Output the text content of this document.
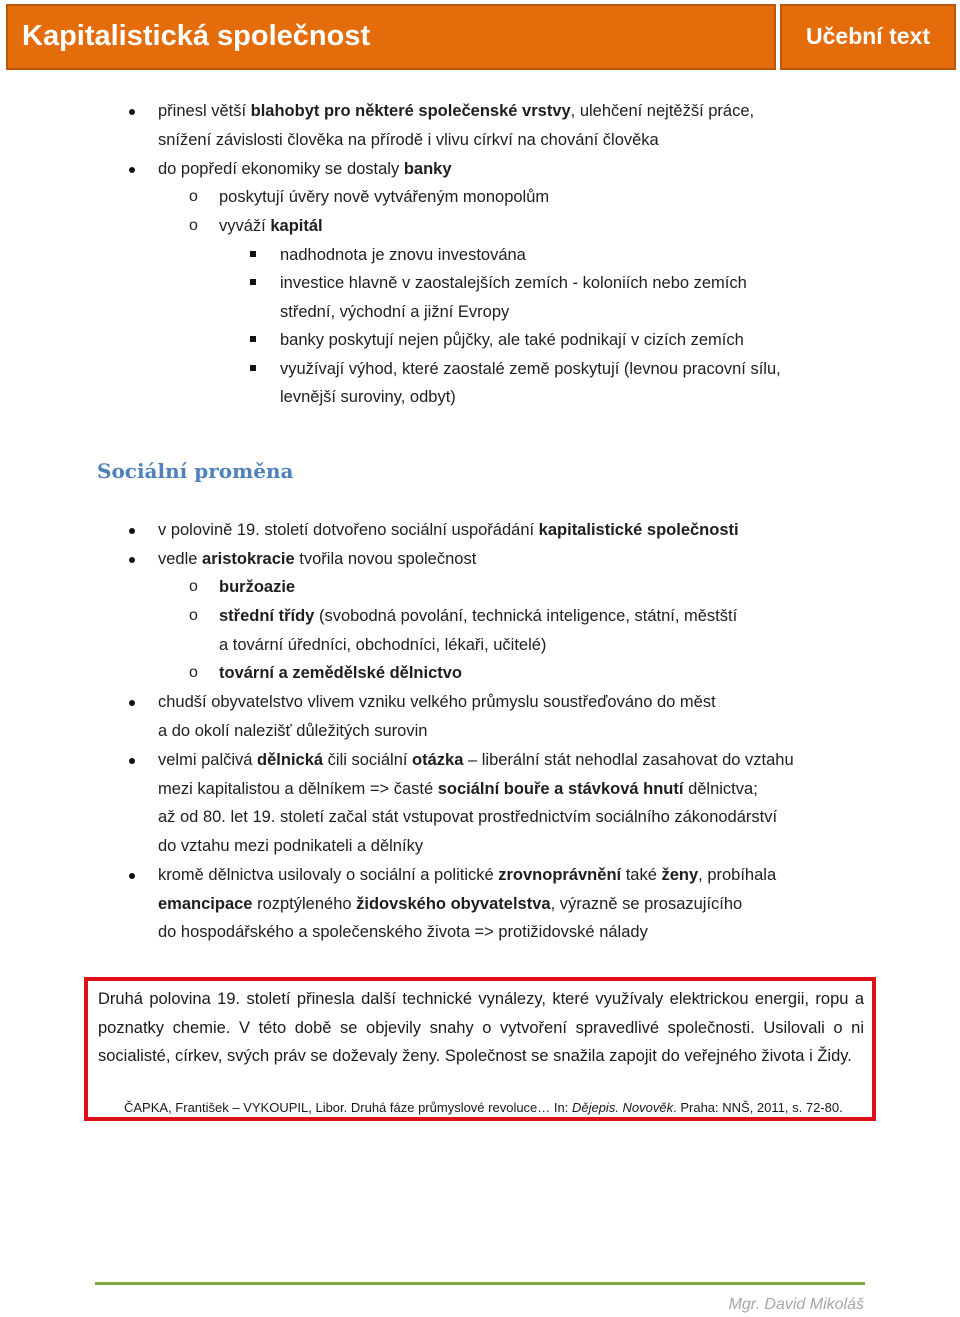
Kapitalistická společnost	Učební text
přinesl větší blahobyt pro některé společenské vrstvy, ulehčení nejtěžší práce,
snížení závislosti člověka na přírodě i vlivu církví na chování člověka
do popředí ekonomiky se dostaly banky
o poskytují úvěry nově vytvářeným monopolům
o vyváží kapitál
nadhodnota je znovu investována
investice hlavně v zaostalejších zemích - koloniích nebo zemích
střední, východní a jižní Evropy
banky poskytují nejen půjčky, ale také podnikají v cizích zemích
využívají výhod, které zaostalé země poskytují (levnou pracovní sílu,
levnější suroviny, odbyt)
Sociální proměna
v polovině 19. století dotvořeno sociální uspořádání kapitalistické společnosti
vedle aristokracie tvořila novou společnost
o buržoazie
o střední třídy (svobodná povolání, technická inteligence, státní, městští
a tovární úředníci, obchodníci, lékaři, učitelé)
o tovární a zemědělské dělnictvo
chudší obyvatelstvo vlivem vzniku velkého průmyslu soustřeďováno do měst
a do okolí nalezišť důležitých surovin
velmi palčivá dělnická čili sociální otázka – liberální stát nehodlal zasahovat do vztahu
mezi kapitalistou a dělníkem => časté sociální bouře a stávková hnutí dělnictva;
až od 80. let 19. století začal stát vstupovat prostřednictvím sociálního zákonodárství
do vztahu mezi podnikateli a dělníky
kromě dělnictva usilovaly o sociální a politické zrovnoprávnění také ženy, probíhala
emancipace rozptýleného židovského obyvatelstva, výrazně se prosazujícího
do hospodářského a společenského života => protižidovské nálady
Druhá polovina 19. století přinesla další technické vynálezy, které využívaly elektrickou energii, ropu a poznatky chemie. V této době se objevily snahy o vytvoření spravedlivé společnosti. Usilovali o ni socialisté, církev, svých práv se doževaly ženy. Společnost se snažila zapojit do veřejného života i Židy.
ČAPKA, František – VYKOUPIL, Libor. Druhá fáze průmyslové revoluce… In: Dějepis. Novověk. Praha: NNŠ, 2011, s. 72-80.
Mgr. David Mikoláš
